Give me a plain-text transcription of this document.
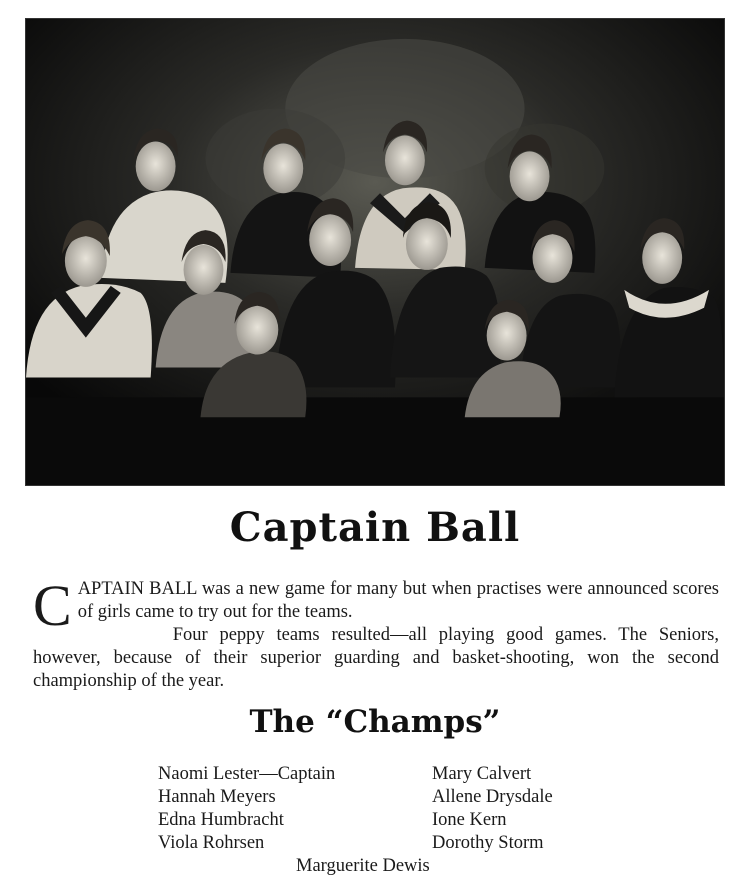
Captain Ball

CAPTAIN BALL was a new game for many but when practises were announced scores of girls came to try out for the teams.

Four peppy teams resulted—all playing good games. The Seniors, however, because of their superior guarding and basket-shooting, won the second championship of the year.

The “Champs”
Naomi Lester—Captain
Hannah Meyers
Edna Humbracht
Viola Rohrsen
Mary Calvert
Allene Drysdale
Ione Kern
Dorothy Storm
Marguerite Dewis
